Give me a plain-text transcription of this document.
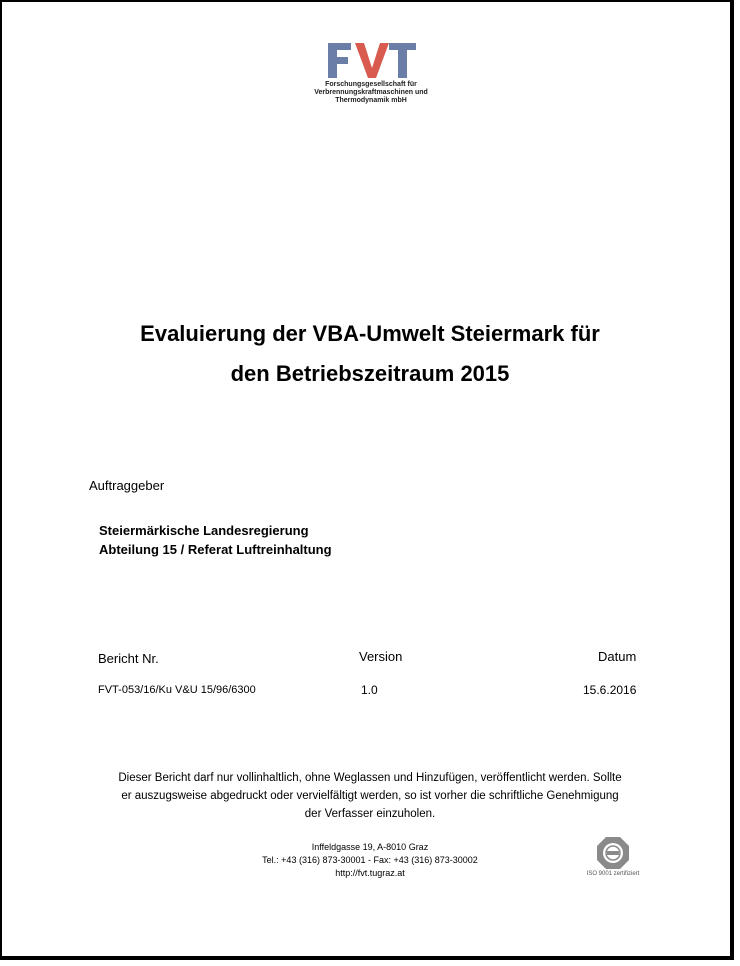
Forschungsgesellschaft für
Verbrennungskraftmaschinen und
Thermodynamik mbH
Evaluierung der VBA-Umwelt Steiermark für
den Betriebszeitraum 2015
Auftraggeber
Steiermärkische Landesregierung
Abteilung 15 / Referat Luftreinhaltung
Bericht Nr.	Version	Datum
FVT-053/16/Ku V&U 15/96/6300	1.0	15.6.2016
Dieser Bericht darf nur vollinhaltlich, ohne Weglassen und Hinzufügen, veröffentlicht werden. Sollte
er auszugsweise abgedruckt oder vervielfältigt werden, so ist vorher die schriftliche Genehmigung
der Verfasser einzuholen.
Inffeldgasse 19, A-8010 Graz
Tel.: +43 (316) 873-30001 - Fax: +43 (316) 873-30002
http://fvt.tugraz.at	ISO 9001 zertifiziert
